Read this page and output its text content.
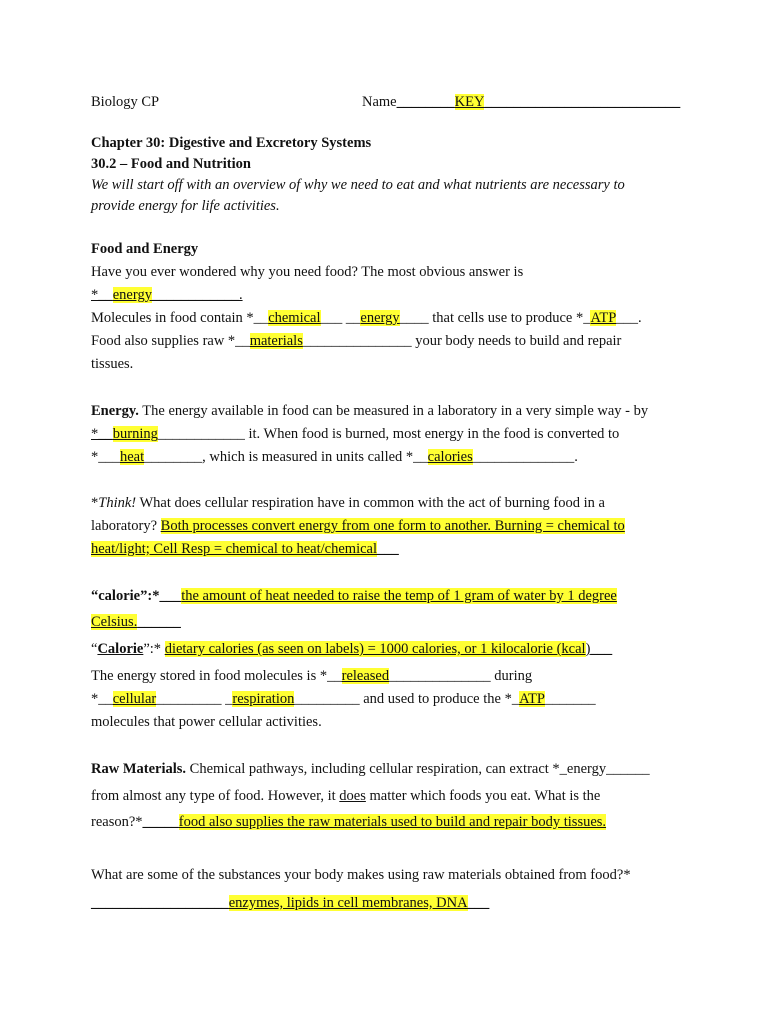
Biology CP	Name________KEY___________________________
Chapter 30: Digestive and Excretory Systems
30.2 – Food and Nutrition
We will start off with an overview of why we need to eat and what nutrients are necessary to
provide energy for life activities.
Food and Energy
Have you ever wondered why you need food? The most obvious answer is
*__energy____________.
Molecules in food contain *__chemical___ __energy____ that cells use to produce *_ATP___.
Food also supplies raw *__materials_______________ your body needs to build and repair
tissues.
Energy. The energy available in food can be measured in a laboratory in a very simple way - by
*__burning____________ it. When food is burned, most energy in the food is converted to
*___heat________, which is measured in units called *__calories______________.
*Think! What does cellular respiration have in common with the act of burning food in a
laboratory? Both processes convert energy from one form to another. Burning = chemical to
heat/light; Cell Resp = chemical to heat/chemical___
“calorie”:*___the amount of heat needed to raise the temp of 1 gram of water by 1 degree
Celsius.______
“Calorie”:* dietary calories (as seen on labels) = 1000 calories, or 1 kilocalorie (kcal)___
The energy stored in food molecules is *__released______________ during
*__cellular_________ _respiration_________ and used to produce the *_ATP_______
molecules that power cellular activities.
Raw Materials. Chemical pathways, including cellular respiration, can extract *_energy______
from almost any type of food. However, it does matter which foods you eat. What is the
reason?*_____food also supplies the raw materials used to build and repair body tissues.
What are some of the substances your body makes using raw materials obtained from food?*
___________________enzymes, lipids in cell membranes, DNA___
